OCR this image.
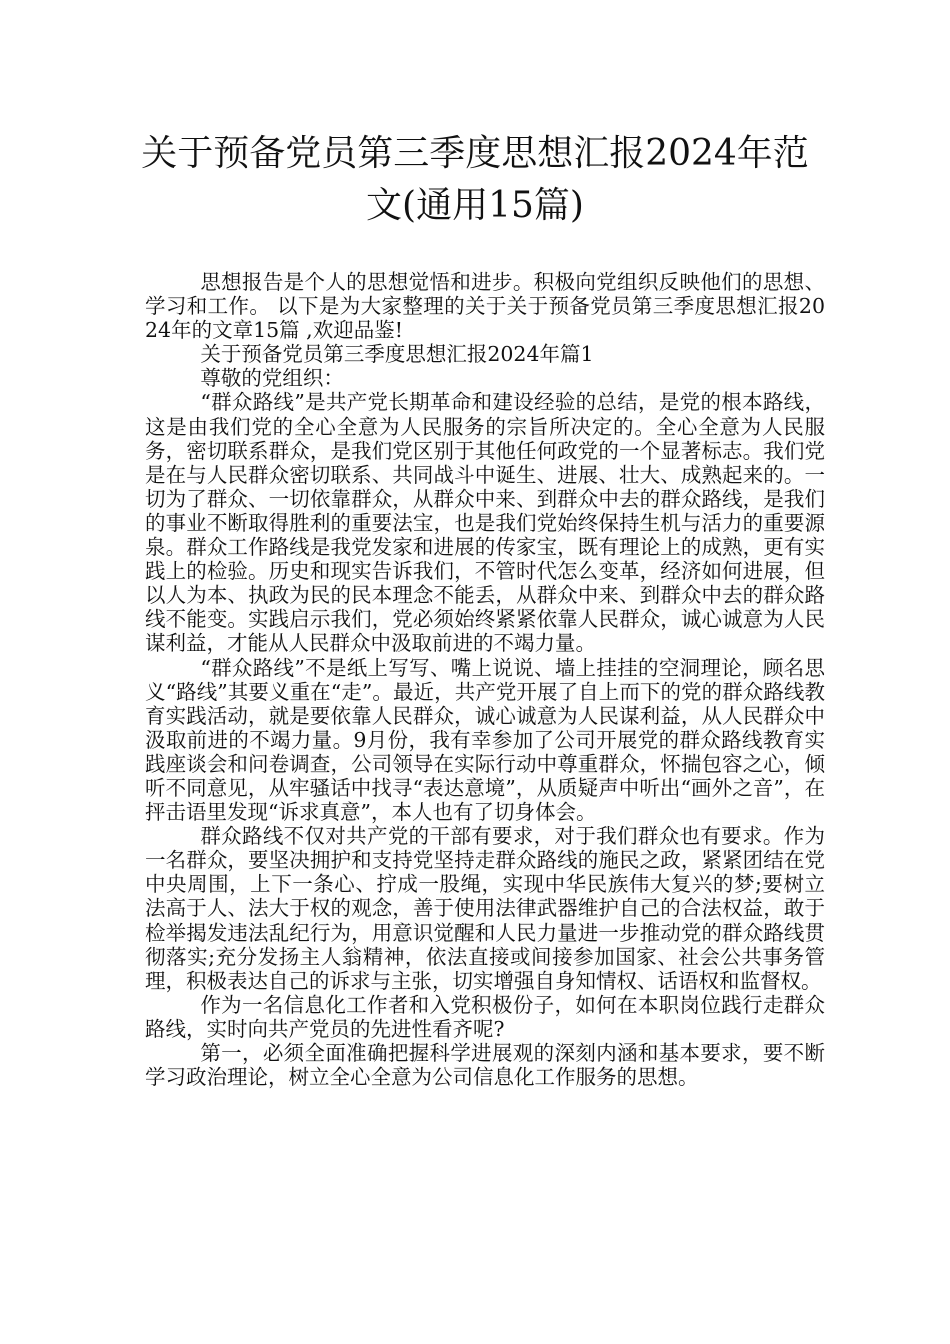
关于预备党员第三季度思想汇报2024年范文(通用15篇)

思想报告是个人的思想觉悟和进步。积极向党组织反映他们的思想、学习和工作。 以下是为大家整理的关于关于预备党员第三季度思想汇报2024年的文章15篇 ,欢迎品鉴!

关于预备党员第三季度思想汇报2024年篇1

尊敬的党组织：

“群众路线”是共产党长期革命和建设经验的总结，是党的根本路线，这是由我们党的全心全意为人民服务的宗旨所决定的。全心全意为人民服务，密切联系群众，是我们党区别于其他任何政党的一个显著标志。我们党是在与人民群众密切联系、共同战斗中诞生、进展、壮大、成熟起来的。一切为了群众、一切依靠群众，从群众中来、到群众中去的群众路线，是我们的事业不断取得胜利的重要法宝，也是我们党始终保持生机与活力的重要源泉。群众工作路线是我党发家和进展的传家宝，既有理论上的成熟，更有实践上的检验。历史和现实告诉我们，不管时代怎么变革，经济如何进展，但以人为本、执政为民的民本理念不能丢，从群众中来、到群众中去的群众路线不能变。实践启示我们，党必须始终紧紧依靠人民群众，诚心诚意为人民谋利益，才能从人民群众中汲取前进的不竭力量。

“群众路线”不是纸上写写、嘴上说说、墙上挂挂的空洞理论，顾名思义“路线”其要义重在“走”。最近，共产党开展了自上而下的党的群众路线教育实践活动，就是要依靠人民群众，诚心诚意为人民谋利益，从人民群众中汲取前进的不竭力量。9月份，我有幸参加了公司开展党的群众路线教育实践座谈会和问卷调查，公司领导在实际行动中尊重群众，怀揣包容之心，倾听不同意见，从牢骚话中找寻“表达意境”，从质疑声中听出“画外之音”，在抨击语里发现“诉求真意”，本人也有了切身体会。

群众路线不仅对共产党的干部有要求，对于我们群众也有要求。作为一名群众，要坚决拥护和支持党坚持走群众路线的施民之政，紧紧团结在党中央周围，上下一条心、拧成一股绳，实现中华民族伟大复兴的梦;要树立法高于人、法大于权的观念，善于使用法律武器维护自己的合法权益，敢于检举揭发违法乱纪行为，用意识觉醒和人民力量进一步推动党的群众路线贯彻落实;充分发扬主人翁精神，依法直接或间接参加国家、社会公共事务管理，积极表达自己的诉求与主张，切实增强自身知情权、话语权和监督权。

作为一名信息化工作者和入党积极份子，如何在本职岗位践行走群众路线，实时向共产党员的先进性看齐呢?

第一，必须全面准确把握科学进展观的深刻内涵和基本要求，要不断学习政治理论，树立全心全意为公司信息化工作服务的思想。
